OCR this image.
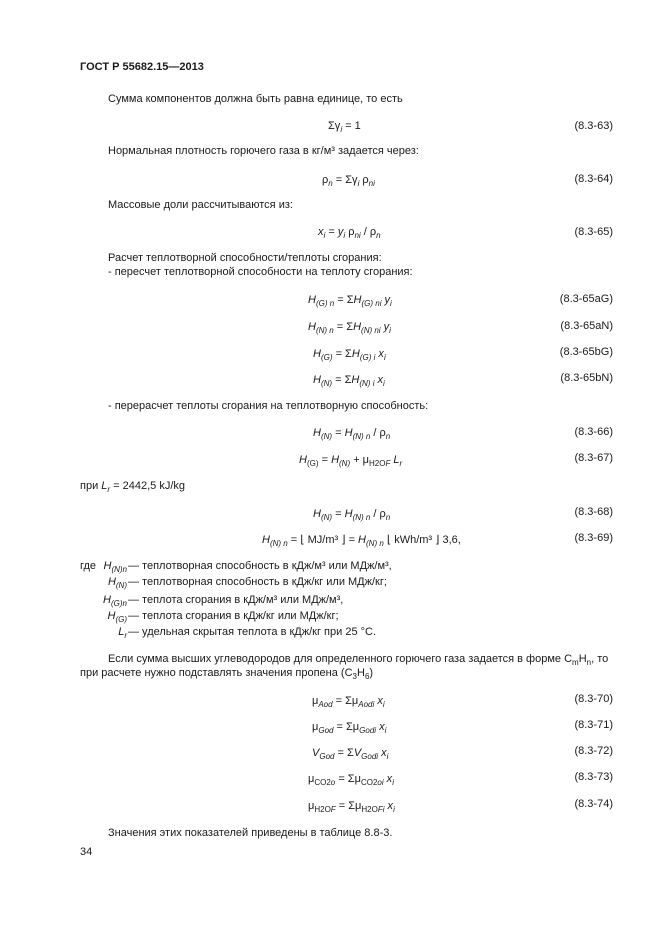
ГОСТ Р 55682.15—2013
Сумма компонентов должна быть равна единице, то есть
$\Sigma\gamma_i = 1$	(8.3-63)
Нормальная плотность горючего газа в кг/м³ задается через:
$\rho_n = \Sigma\gamma_i$ $\rho_{ni}$	(8.3-64)
Массовые доли рассчитываются из:
$x_i = y_i$ $\rho_{ni} / \rho_n$	(8.3-65)
Расчет теплотворной способности/теплоты сгорания:
- пересчет теплотворной способности на теплоту сгорания:
$H_{(G) n} = \Sigma H_{(G) ni}$ $y_i$	(8.3-65aG)
$H_{(N) n} = \Sigma H_{(N) ni}$ $y_i$	(8.3-65aN)
$H_{(G)} = \Sigma H_{(G) i}$ $x_i$	(8.3-65bG)
$H_{(N)} = \Sigma H_{(N) i}$ $x_i$	(8.3-65bN)
- перерасчет теплоты сгорания на теплотворную способность:
$H_{(N)} = H_{(N) n} / \rho_n$	(8.3-66)
$H_{(G)} = H_{(N)} + \mu_{H2OF}$ $L_r$	(8.3-67)
при $L_r = 2442,5$ kJ/kg
$H_{(N)} = H_{(N) n} / \rho_n$	(8.3-68)
$H_{(N) n}$ = ⌊ MJ/m³ ⌋ = $H_{(N) n}$ ⌊ kWh/m³ ⌋ 3,6,	(8.3-69)
где $H_{(N)n}$ — теплотворная способность в кДж/м³ или МДж/м³,
$H_{(N)}$ — теплотворная способность в кДж/кг или МДж/кг;
$H_{(G)n}$ — теплота сгорания в кДж/м³ или МДж/м³,
$H_{(G)}$ — теплота сгорания в кДж/кг или МДж/кг;
$L_r$ — удельная скрытая теплота в кДж/кг при 25 °С.
Если сумма высших углеводородов для определенного горючего газа задается в форме $C_mH_n$, то
при расчете нужно подставлять значения пропена $(C_3H_6)$
$\mu_{Aod} = \Sigma\mu_{Aodi}$ $x_i$	(8.3-70)
$\mu_{God} = \Sigma\mu_{Godi}$ $x_i$	(8.3-71)
$V_{God} = \Sigma V_{Godi}$ $x_i$	(8.3-72)
$\mu_{CO2o} = \Sigma\mu_{CO2oi}$ $x_i$	(8.3-73)
$\mu_{H2OF} = \Sigma\mu_{H2OFi}$ $x_i$	(8.3-74)
Значения этих показателей приведены в таблице 8.8-3.
34
